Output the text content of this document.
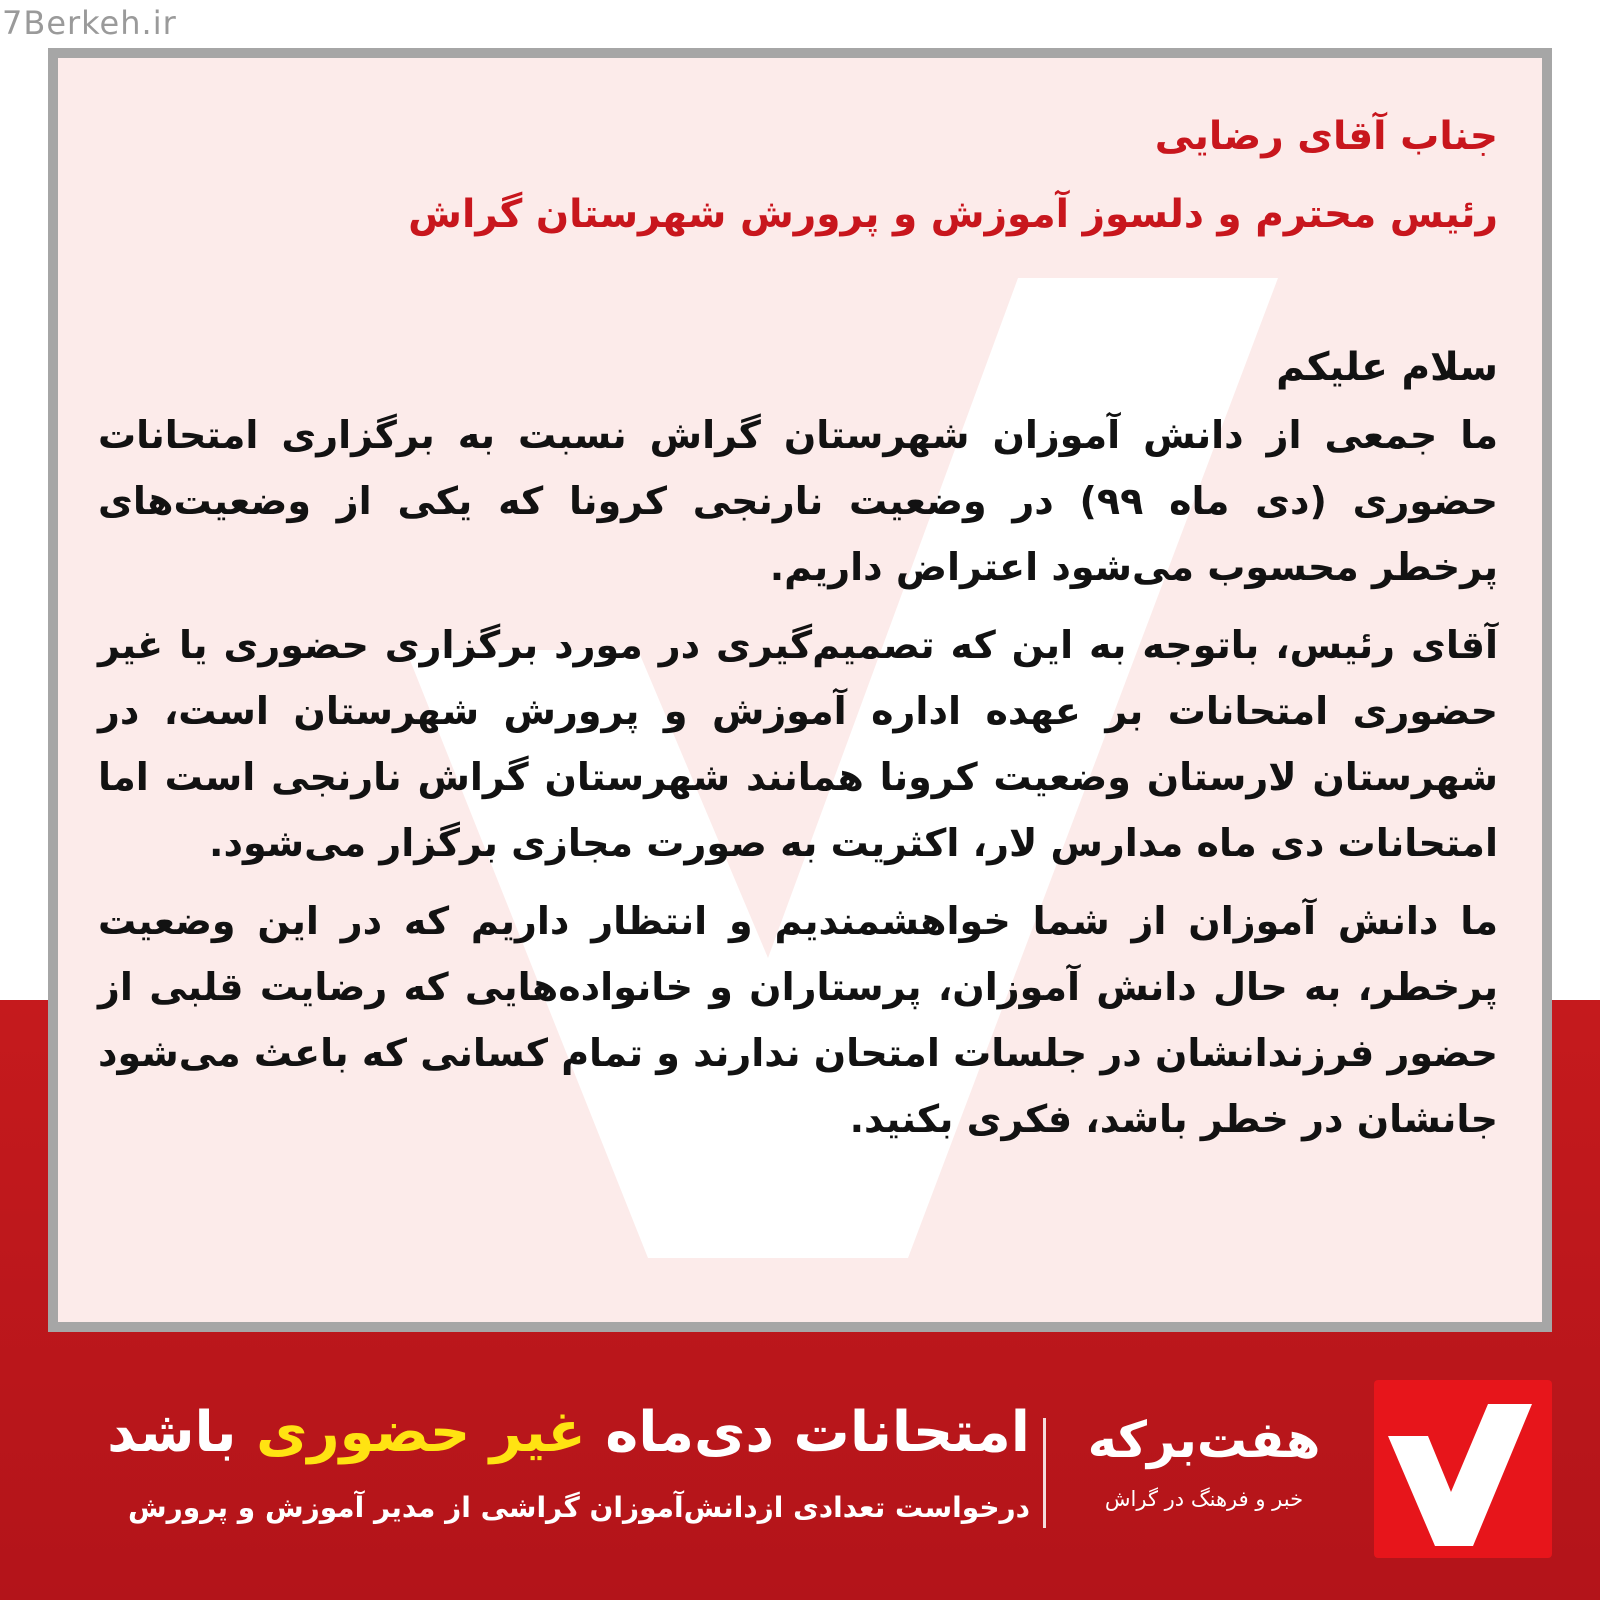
7Berkeh.ir
جناب آقای رضایی
رئیس محترم و دلسوز آموزش و پرورش شهرستان گراش
سلام علیکم

ما جمعی از دانش آموزان شهرستان گراش نسبت به برگزاری امتحانات حضوری (دی ماه ۹۹) در وضعیت نارنجی کرونا که یکی از وضعیت‌های پرخطر محسوب می‌شود اعتراض داریم.

آقای رئیس، باتوجه به این که تصمیم‌گیری در مورد برگزاری حضوری یا غیر حضوری امتحانات بر عهده اداره آموزش و پرورش شهرستان است، در شهرستان لارستان وضعیت کرونا همانند شهرستان گراش نارنجی است اما امتحانات دی ماه مدارس لار، اکثریت به صورت مجازی برگزار می‌شود.

ما دانش آموزان از شما خواهشمندیم و انتظار داریم که در این وضعیت پرخطر، به حال دانش آموزان، پرستاران و خانواده‌هایی که رضایت قلبی از حضور فرزندانشان در جلسات امتحان ندارند و تمام کسانی که باعث می‌شود جانشان در خطر باشد، فکری بکنید.

امتحانات دی‌ماه غیر حضوری باشد
درخواست تعدادی ازدانش‌آموزان گراشی از مدیر آموزش و پرورش
هفت‌برکه
خبر و فرهنگ در گراش
